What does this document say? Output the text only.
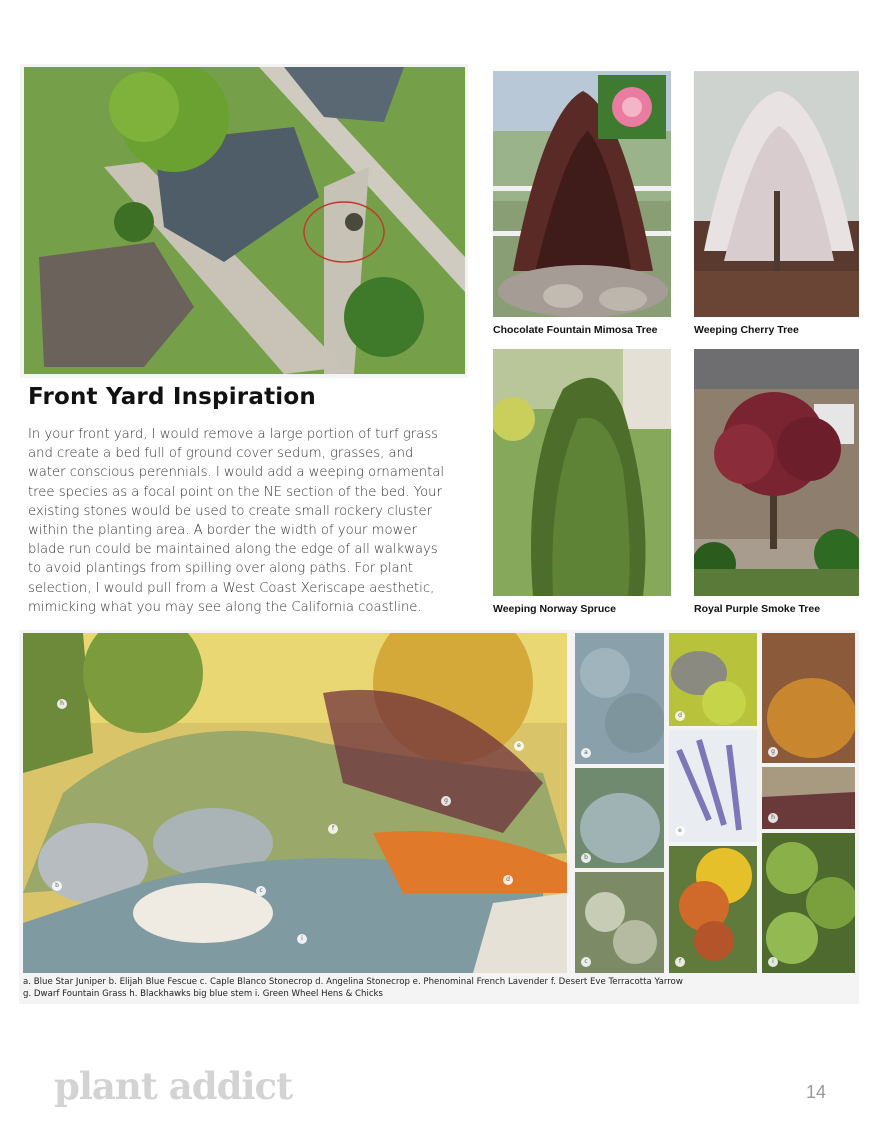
Chocolate Fountain Mimosa Tree	Weeping Cherry Tree
Weeping Norway Spruce	Royal Purple Smoke Tree
Front Yard Inspiration
In your front yard, I would remove a large portion of turf grass and create a bed full of ground cover sedum, grasses, and water conscious perennials. I would add a weeping ornamental tree species as a focal point on the NE section of the bed. Your existing stones would be used to create small rockery cluster within the planting area. A border the width of your mower blade run could be maintained along the edge of all walkways to avoid plantings from spilling over along paths. For plant selection, I would pull from a West Coast Xeriscape aesthetic, mimicking what you may see along the California coastline.
h
e
g
f
b
c
d
i
a
b
c
d
e
f
g
h
i
a. Blue Star Juniper b. Elijah Blue Fescue c. Caple Blanco Stonecrop d. Angelina Stonecrop e. Phenominal French Lavender f. Desert Eve Terracotta Yarrow
g. Dwarf Fountain Grass h. Blackhawks big blue stem i. Green Wheel Hens & Chicks
plant addict	14
